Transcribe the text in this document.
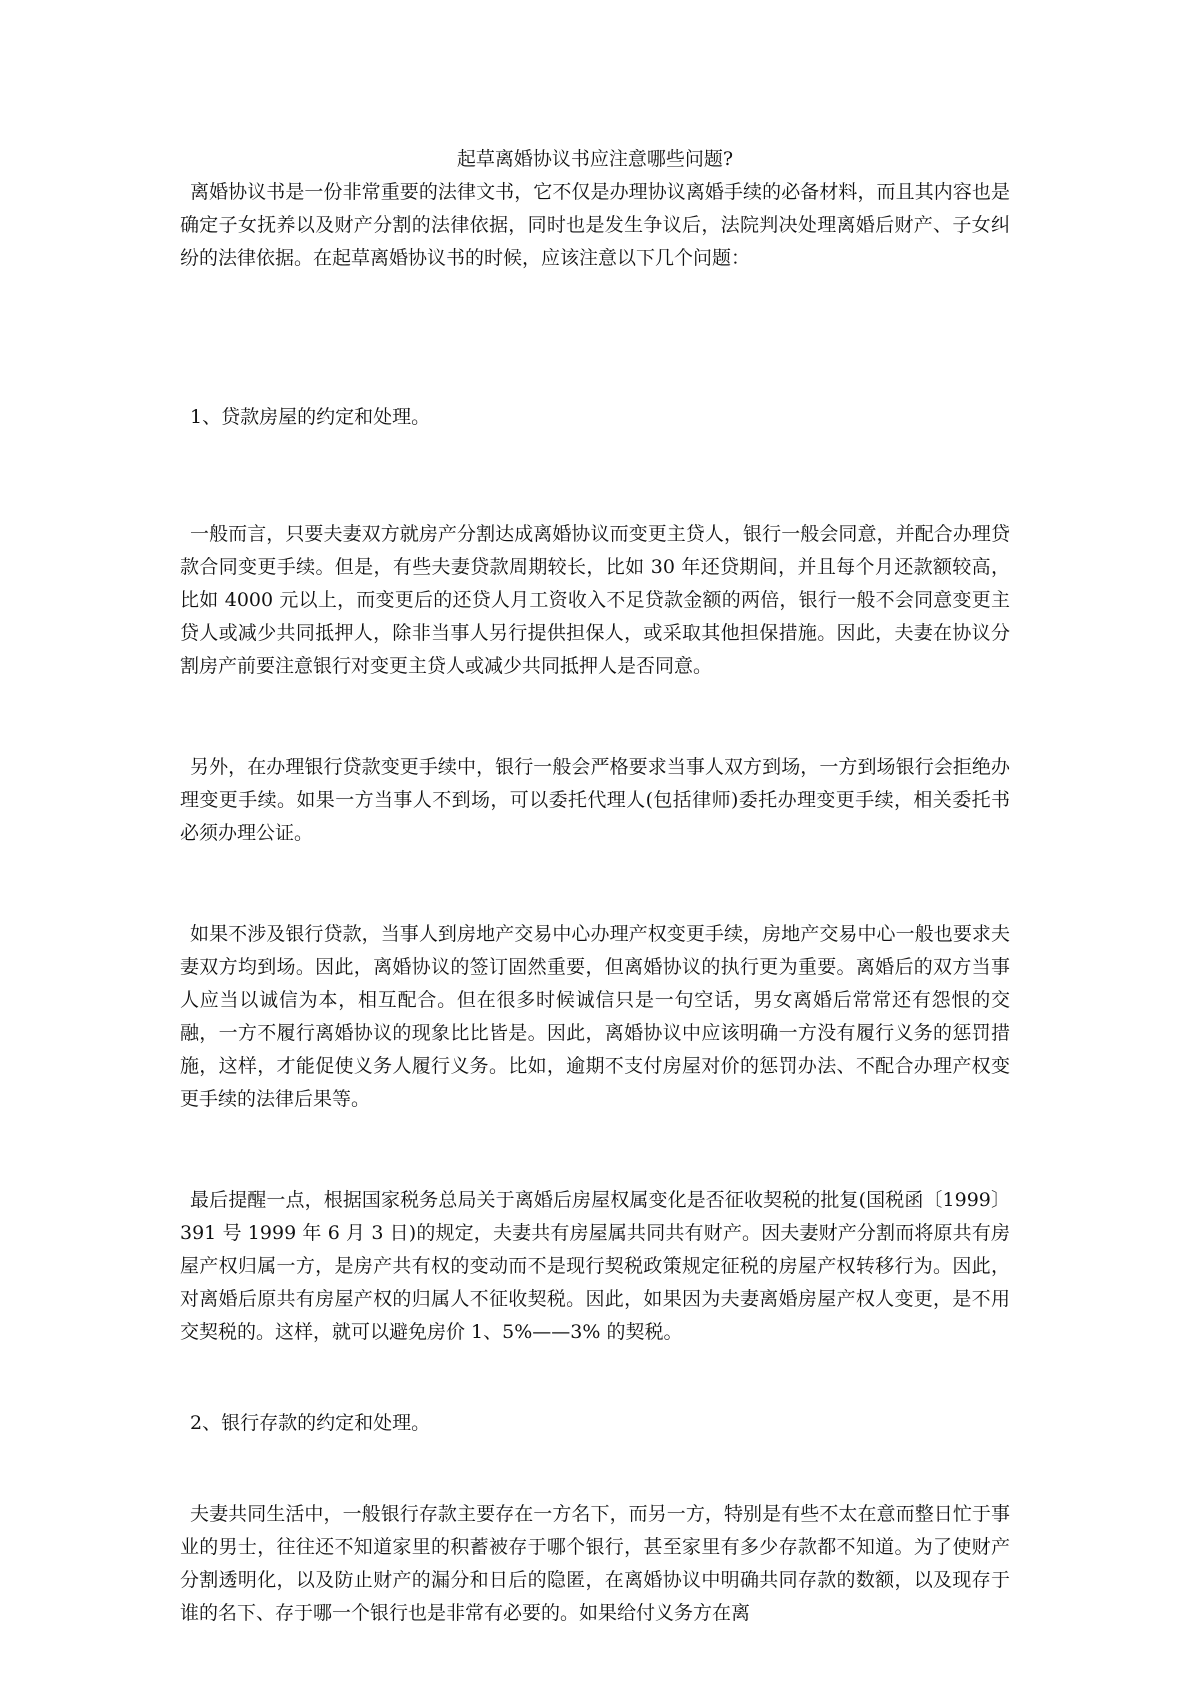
起草离婚协议书应注意哪些问题?

离婚协议书是一份非常重要的法律文书，它不仅是办理协议离婚手续的必备材料，而且其内容也是确定子女抚养以及财产分割的法律依据，同时也是发生争议后，法院判决处理离婚后财产、子女纠纷的法律依据。在起草离婚协议书的时候，应该注意以下几个问题：

1、贷款房屋的约定和处理。

一般而言，只要夫妻双方就房产分割达成离婚协议而变更主贷人，银行一般会同意，并配合办理贷款合同变更手续。但是，有些夫妻贷款周期较长，比如 30 年还贷期间，并且每个月还款额较高，比如 4000 元以上，而变更后的还贷人月工资收入不足贷款金额的两倍，银行一般不会同意变更主贷人或减少共同抵押人，除非当事人另行提供担保人，或采取其他担保措施。因此，夫妻在协议分割房产前要注意银行对变更主贷人或减少共同抵押人是否同意。

另外，在办理银行贷款变更手续中，银行一般会严格要求当事人双方到场，一方到场银行会拒绝办理变更手续。如果一方当事人不到场，可以委托代理人(包括律师)委托办理变更手续，相关委托书必须办理公证。

如果不涉及银行贷款，当事人到房地产交易中心办理产权变更手续，房地产交易中心一般也要求夫妻双方均到场。因此，离婚协议的签订固然重要，但离婚协议的执行更为重要。离婚后的双方当事人应当以诚信为本，相互配合。但在很多时候诚信只是一句空话，男女离婚后常常还有怨恨的交融，一方不履行离婚协议的现象比比皆是。因此，离婚协议中应该明确一方没有履行义务的惩罚措施，这样，才能促使义务人履行义务。比如，逾期不支付房屋对价的惩罚办法、不配合办理产权变更手续的法律后果等。

最后提醒一点，根据国家税务总局关于离婚后房屋权属变化是否征收契税的批复(国税函〔1999〕391 号 1999 年 6 月 3 日)的规定，夫妻共有房屋属共同共有财产。因夫妻财产分割而将原共有房屋产权归属一方，是房产共有权的变动而不是现行契税政策规定征税的房屋产权转移行为。因此，对离婚后原共有房屋产权的归属人不征收契税。因此，如果因为夫妻离婚房屋产权人变更，是不用交契税的。这样，就可以避免房价 1、5%——3% 的契税。

2、银行存款的约定和处理。

夫妻共同生活中，一般银行存款主要存在一方名下，而另一方，特别是有些不太在意而整日忙于事业的男士，往往还不知道家里的积蓄被存于哪个银行，甚至家里有多少存款都不知道。为了使财产分割透明化，以及防止财产的漏分和日后的隐匿，在离婚协议中明确共同存款的数额，以及现存于谁的名下、存于哪一个银行也是非常有必要的。如果给付义务方在离
